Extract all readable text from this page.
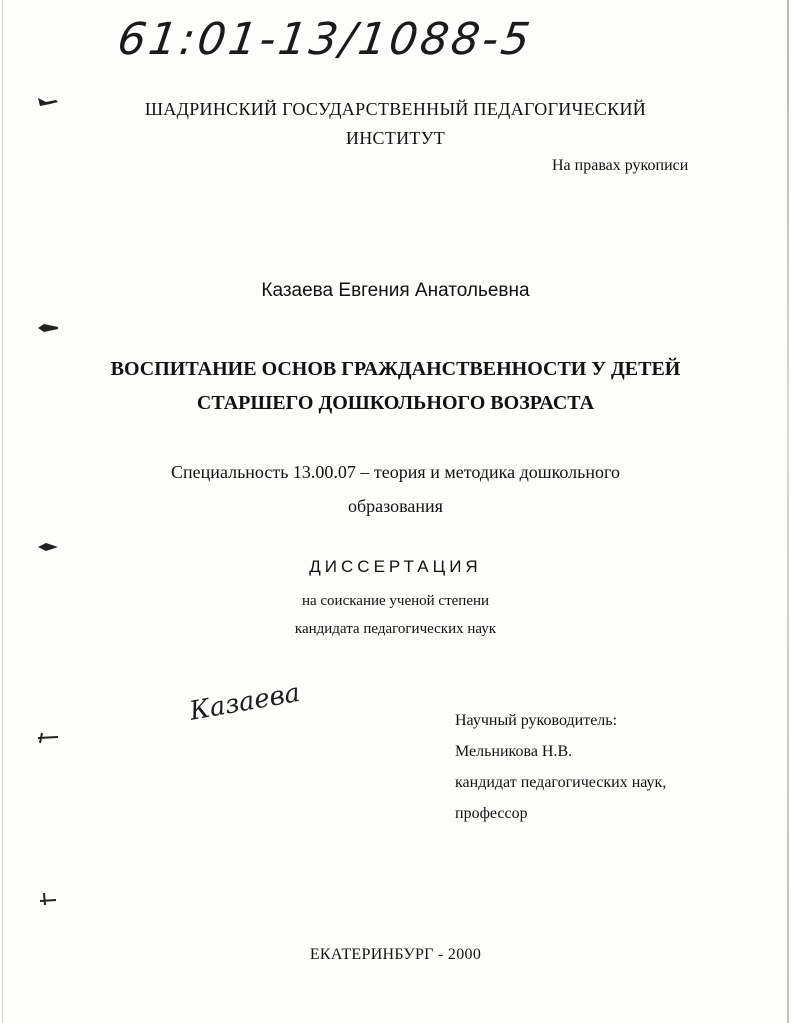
61:01-13/1088-5
ШАДРИНСКИЙ ГОСУДАРСТВЕННЫЙ ПЕДАГОГИЧЕСКИЙ
ИНСТИТУТ
На правах рукописи
Казаева Евгения Анатольевна
ВОСПИТАНИЕ ОСНОВ ГРАЖДАНСТВЕННОСТИ У ДЕТЕЙ
СТАРШЕГО ДОШКОЛЬНОГО ВОЗРАСТА
Специальность 13.00.07 – теория и методика дошкольного
образования
ДИССЕРТАЦИЯ
на соискание ученой степени
кандидата педагогических наук
Казаева	Научный руководитель:
Мельникова Н.В.
кандидат педагогических наук,
профессор
ЕКАТЕРИНБУРГ - 2000
